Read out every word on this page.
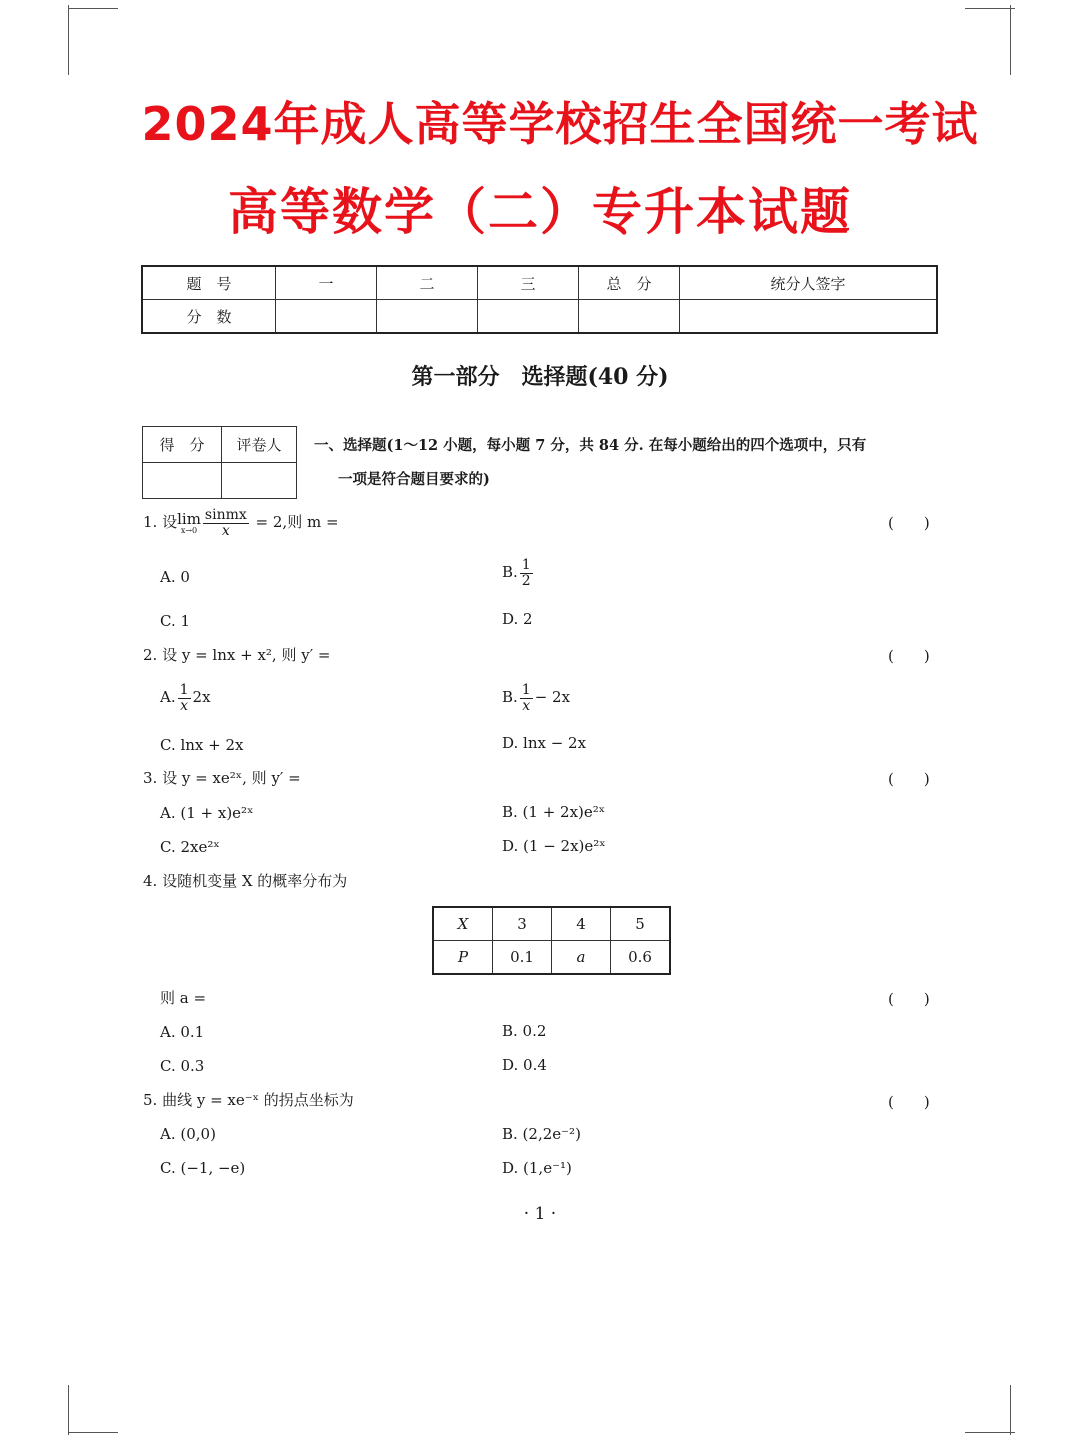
2024年成人高等学校招生全国统一考试
高等数学（二）专升本试题
题　号	一	二	三	总　分	统分人签字
分　数					
第一部分　选择题(40 分)
得　分	评卷人
	一、选择题(1～12 小题，每小题 7 分，共 84 分. 在每小题给出的四个选项中，只有
一项是符合题目要求的)
1. 设lim
$x\to 0 \frac{\text{sinmx}}{x} = 2$,则 m =	(　　)
A. 0	B. $\frac{1}{2}$
C. 1	D. 2
2. 设 y = lnx + x², 则 y′ =	(　　)
A. $\frac{1}{x} 2x$	B. $\frac{1}{x} - 2x$
C. lnx + 2x	D. lnx − 2x
3. 设 y = xe²ˣ, 则 y′ =	(　　)
A. (1 + x)e²ˣ	B. (1 + 2x)e²ˣ
C. 2xe²ˣ	D. (1 − 2x)e²ˣ
4. 设随机变量 X 的概率分布为
X	3	4	5
P	0.1	a	0.6
则 a =	(　　)
A. 0.1	B. 0.2
C. 0.3	D. 0.4
5. 曲线 y = xe⁻ˣ 的拐点坐标为	(　　)
A. (0,0)	B. (2,2e⁻²)
C. (−1, −e)	D. (1,e⁻¹)
· 1 ·
